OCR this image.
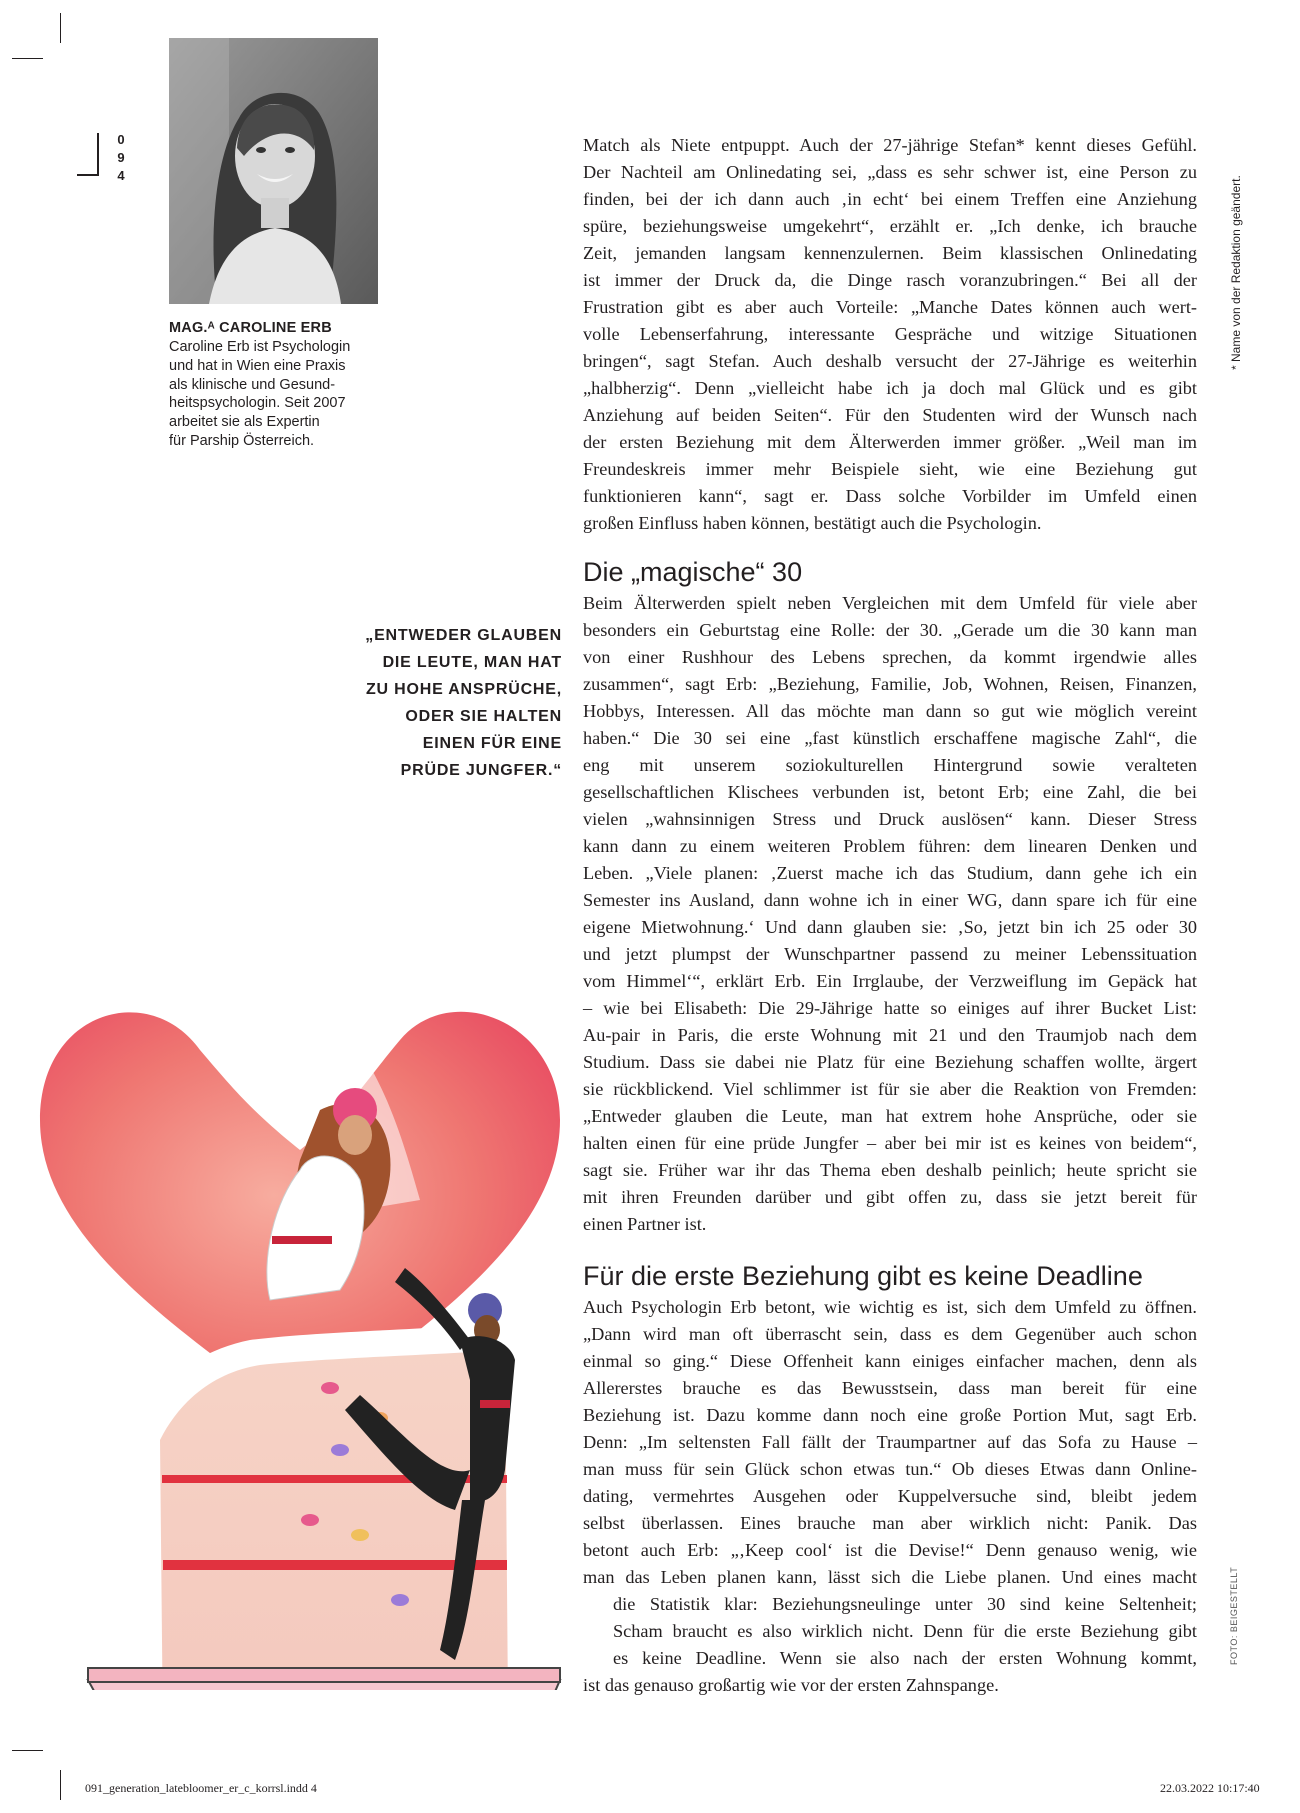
0
9
4
MAG.ᴬ CAROLINE ERB
Caroline Erb ist Psychologin
und hat in Wien eine Praxis
als klinische und Gesund-
heitspsychologin. Seit 2007
arbeitet sie als Expertin
für Parship Österreich.
„ENTWEDER GLAUBEN
DIE LEUTE, MAN HAT
ZU HOHE ANSPRÜCHE,
ODER SIE HALTEN
EINEN FÜR EINE
PRÜDE JUNGFER.“
Match als Niete entpuppt. Auch der 27-jährige Stefan* kennt dieses Gefühl.
Der Nachteil am Onlinedating sei, „dass es sehr schwer ist, eine Person zu
finden, bei der ich dann auch ‚in echt‘ bei einem Treffen eine Anziehung
spüre, beziehungsweise umgekehrt“, erzählt er. „Ich denke, ich brauche
Zeit, jemanden langsam kennenzulernen. Beim klassischen Onlinedating
ist immer der Druck da, die Dinge rasch voranzubringen.“ Bei all der
Frustration gibt es aber auch Vorteile: „Manche Dates können auch wert-
volle Lebenserfahrung, interessante Gespräche und witzige Situationen
bringen“, sagt Stefan. Auch deshalb versucht der 27-Jährige es weiterhin
„halbherzig“. Denn „vielleicht habe ich ja doch mal Glück und es gibt
Anziehung auf beiden Seiten“. Für den Studenten wird der Wunsch nach
der ersten Beziehung mit dem Älterwerden immer größer. „Weil man im
Freundeskreis immer mehr Beispiele sieht, wie eine Beziehung gut
funktionieren kann“, sagt er. Dass solche Vorbilder im Umfeld einen
großen Einfluss haben können, bestätigt auch die Psychologin.
Die „magische“ 30
Beim Älterwerden spielt neben Vergleichen mit dem Umfeld für viele aber
besonders ein Geburtstag eine Rolle: der 30. „Gerade um die 30 kann man
von einer Rushhour des Lebens sprechen, da kommt irgendwie alles
zusammen“, sagt Erb: „Beziehung, Familie, Job, Wohnen, Reisen, Finanzen,
Hobbys, Interessen. All das möchte man dann so gut wie möglich vereint
haben.“ Die 30 sei eine „fast künstlich erschaffene magische Zahl“, die
eng mit unserem soziokulturellen Hintergrund sowie veralteten
gesellschaftlichen Klischees verbunden ist, betont Erb; eine Zahl, die bei
vielen „wahnsinnigen Stress und Druck auslösen“ kann. Dieser Stress
kann dann zu einem weiteren Problem führen: dem linearen Denken und
Leben. „Viele planen: ‚Zuerst mache ich das Studium, dann gehe ich ein
Semester ins Ausland, dann wohne ich in einer WG, dann spare ich für eine
eigene Mietwohnung.‘ Und dann glauben sie: ‚So, jetzt bin ich 25 oder 30
und jetzt plumpst der Wunschpartner passend zu meiner Lebenssituation
vom Himmel‘“, erklärt Erb. Ein Irrglaube, der Verzweiflung im Gepäck hat
– wie bei Elisabeth: Die 29-Jährige hatte so einiges auf ihrer Bucket List:
Au-pair in Paris, die erste Wohnung mit 21 und den Traumjob nach dem
Studium. Dass sie dabei nie Platz für eine Beziehung schaffen wollte, ärgert
sie rückblickend. Viel schlimmer ist für sie aber die Reaktion von Fremden:
„Entweder glauben die Leute, man hat extrem hohe Ansprüche, oder sie
halten einen für eine prüde Jungfer – aber bei mir ist es keines von beidem“,
sagt sie. Früher war ihr das Thema eben deshalb peinlich; heute spricht sie
mit ihren Freunden darüber und gibt offen zu, dass sie jetzt bereit für
einen Partner ist.
Für die erste Beziehung gibt es keine Deadline
Auch Psychologin Erb betont, wie wichtig es ist, sich dem Umfeld zu öffnen.
„Dann wird man oft überrascht sein, dass es dem Gegenüber auch schon
einmal so ging.“ Diese Offenheit kann einiges einfacher machen, denn als
Allererstes brauche es das Bewusstsein, dass man bereit für eine
Beziehung ist. Dazu komme dann noch eine große Portion Mut, sagt Erb.
Denn: „Im seltensten Fall fällt der Traumpartner auf das Sofa zu Hause –
man muss für sein Glück schon etwas tun.“ Ob dieses Etwas dann Online-
dating, vermehrtes Ausgehen oder Kuppelversuche sind, bleibt jedem
selbst überlassen. Eines brauche man aber wirklich nicht: Panik. Das
betont auch Erb: „‚Keep cool‘ ist die Devise!“ Denn genauso wenig, wie
man das Leben planen kann, lässt sich die Liebe planen. Und eines macht
die Statistik klar: Beziehungsneulinge unter 30 sind keine Seltenheit;
Scham braucht es also wirklich nicht. Denn für die erste Beziehung gibt
es keine Deadline. Wenn sie also nach der ersten Wohnung kommt,
ist das genauso großartig wie vor der ersten Zahnspange.
* Name von der Redaktion geändert.
FOTO: BEIGESTELLT
091_generation_latebloomer_er_c_korrsl.indd 4	22.03.2022 10:17:40
